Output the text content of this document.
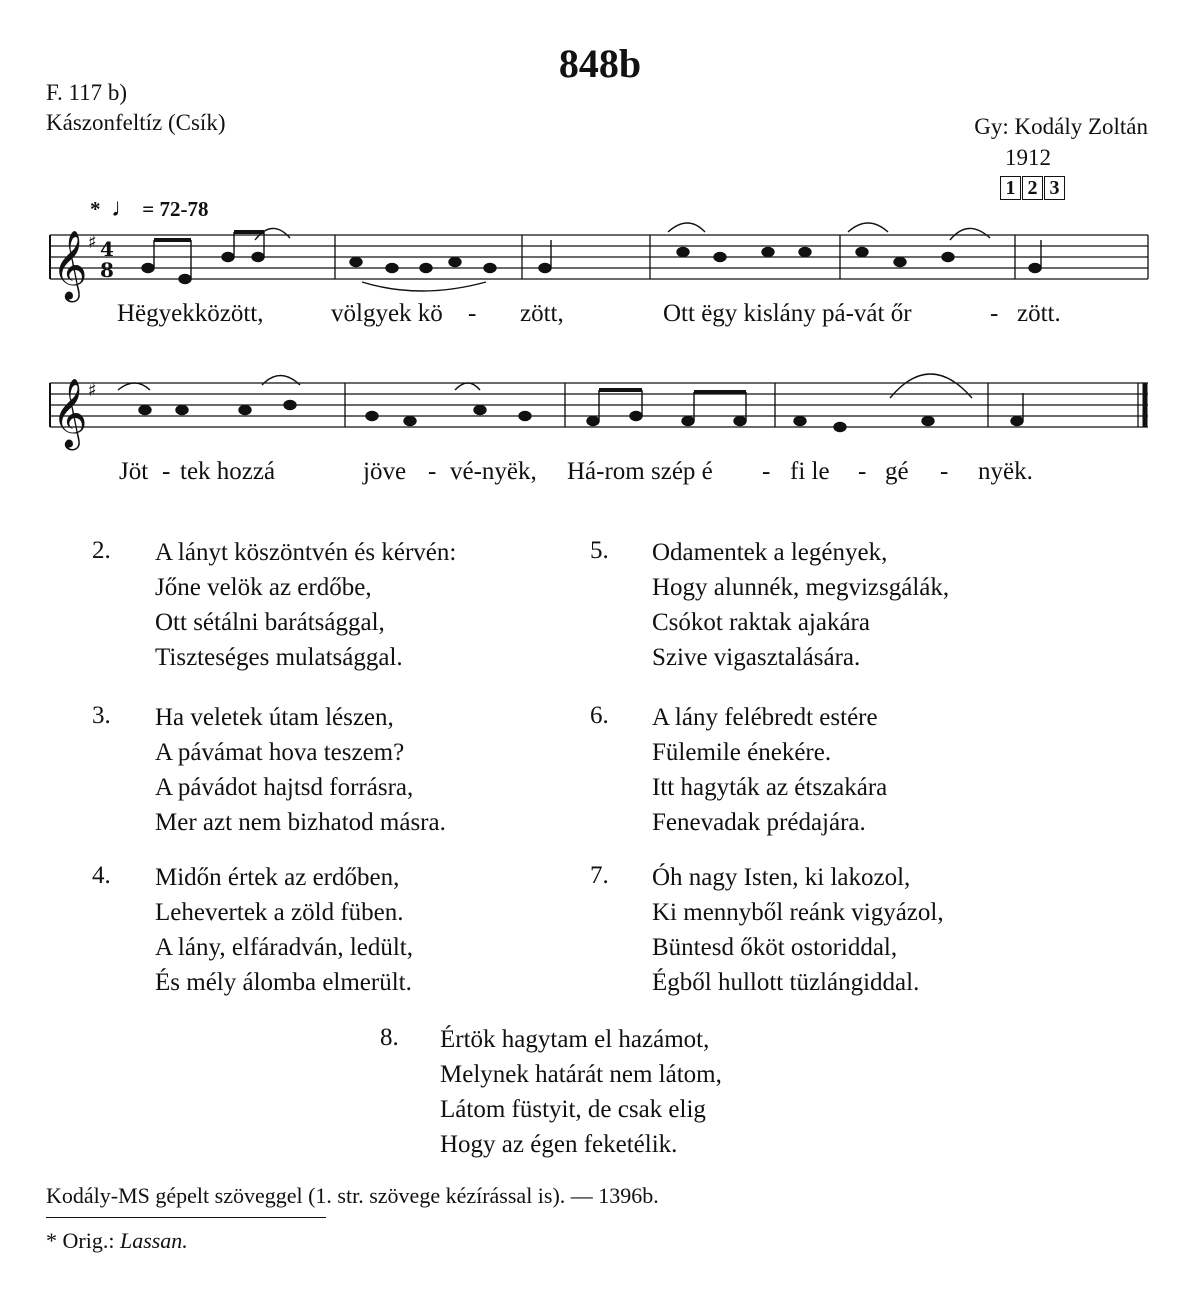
848b
F. 117 b)
Kászonfeltíz (Csík)	Gy: Kodály Zoltán
1912
1 2 3
* ♩ = 72-78
𝄞
𝄞
♯
♯
4
8
Hëgyekközött,	völgyek kö - zött,	Ott ëgy kislány pá-vát őr	- zött.
Jöt - tek hozzá	jöve - vé-nyëk, Há-rom szép é - fi le - gé - nyëk.
2. A lányt köszöntvén és kérvén:
Jőne velök az erdőbe,
Ott sétálni barátsággal,
Tiszteséges mulatsággal.
3. Ha veletek útam lészen,
A pávámat hova teszem?
A pávádot hajtsd forrásra,
Mer azt nem bizhatod másra.
4. Midőn értek az erdőben,
Lehevertek a zöld füben.
A lány, elfáradván, ledült,
És mély álomba elmerült.
5. Odamentek a legények,
Hogy alunnék, megvizsgálák,
Csókot raktak ajakára
Szive vigasztalására.
6. A lány felébredt estére
Fülemile énekére.
Itt hagyták az étszakára
Fenevadak prédajára.
7. Óh nagy Isten, ki lakozol,
Ki mennyből reánk vigyázol,
Büntesd őköt ostoriddal,
Égből hullott tüzlángiddal.
8. Értök hagytam el hazámot,
Melynek határát nem látom,
Látom füstyit, de csak elig
Hogy az égen feketélik.
Kodály-MS gépelt szöveggel (1. str. szövege kézírással is). — 1396b.
* Orig.: Lassan.
